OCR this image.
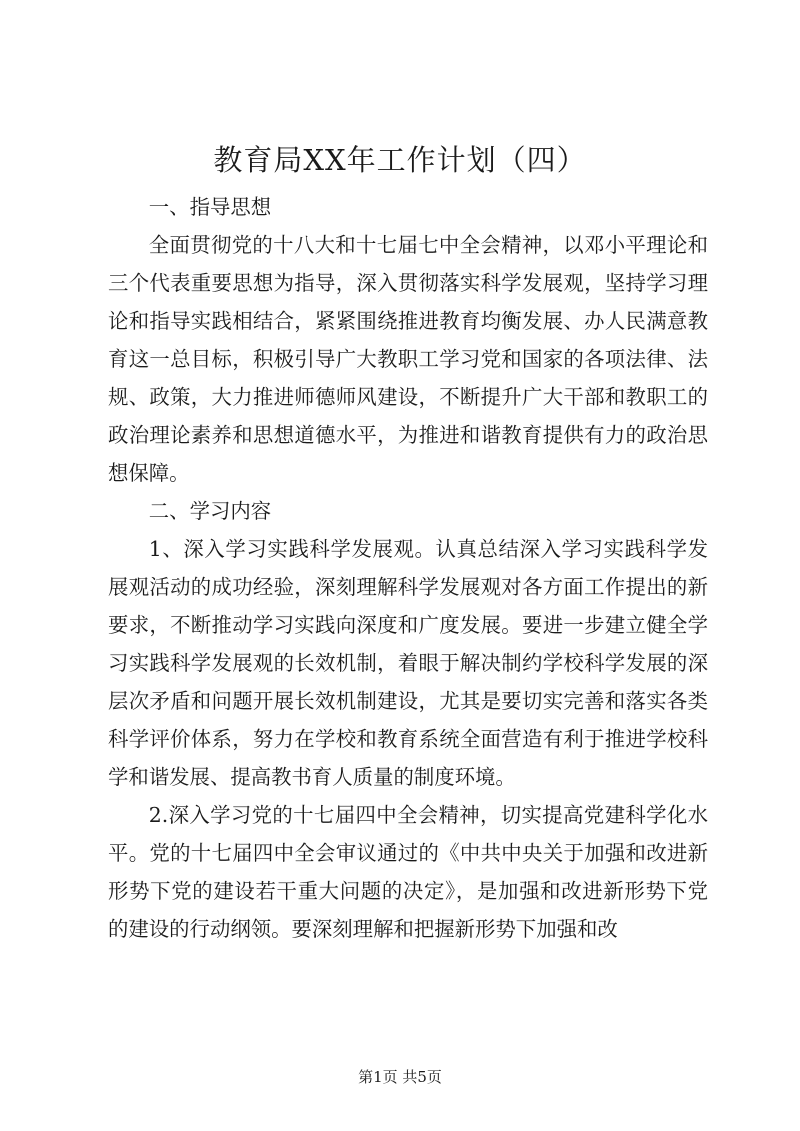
教育局XX年工作计划（四）

一、指导思想

全面贯彻党的十八大和十七届七中全会精神，以邓小平理论和三个代表重要思想为指导，深入贯彻落实科学发展观，坚持学习理论和指导实践相结合，紧紧围绕推进教育均衡发展、办人民满意教育这一总目标，积极引导广大教职工学习党和国家的各项法律、法规、政策，大力推进师德师风建设，不断提升广大干部和教职工的政治理论素养和思想道德水平，为推进和谐教育提供有力的政治思想保障。

二、学习内容

1、深入学习实践科学发展观。认真总结深入学习实践科学发展观活动的成功经验，深刻理解科学发展观对各方面工作提出的新要求，不断推动学习实践向深度和广度发展。要进一步建立健全学习实践科学发展观的长效机制，着眼于解决制约学校科学发展的深层次矛盾和问题开展长效机制建设，尤其是要切实完善和落实各类科学评价体系，努力在学校和教育系统全面营造有利于推进学校科学和谐发展、提高教书育人质量的制度环境。

2.深入学习党的十七届四中全会精神，切实提高党建科学化水平。党的十七届四中全会审议通过的《中共中央关于加强和改进新形势下党的建设若干重大问题的决定》，是加强和改进新形势下党的建设的行动纲领。要深刻理解和把握新形势下加强和改

第1页 共5页
